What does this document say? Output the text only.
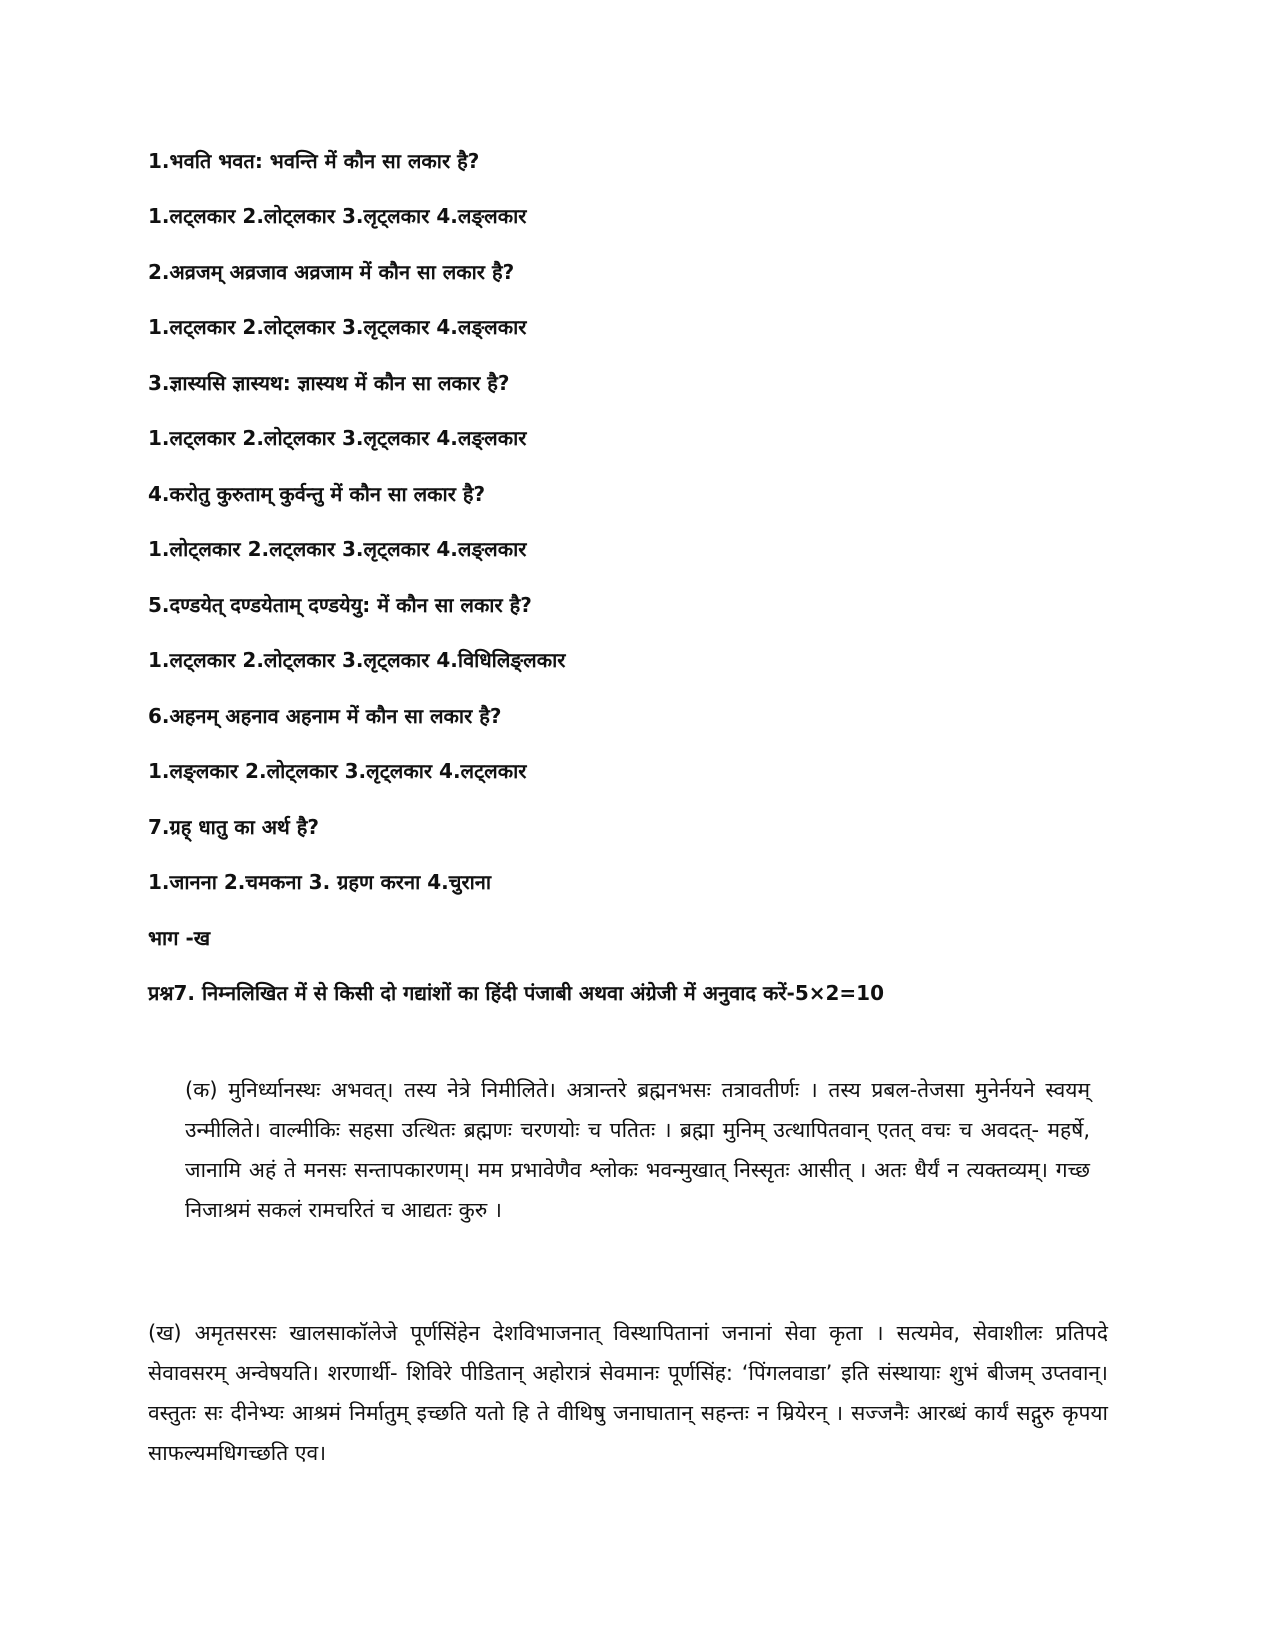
1.भवति भवत: भवन्ति में कौन सा लकार है?
1.लट्लकार 2.लोट्लकार 3.लृट्लकार 4.लङ्लकार
2.अव्रजम् अव्रजाव अव्रजाम में कौन सा लकार है?
1.लट्लकार 2.लोट्लकार 3.लृट्लकार 4.लङ्लकार
3.ज्ञास्यसि ज्ञास्यथ: ज्ञास्यथ में कौन सा लकार है?
1.लट्लकार 2.लोट्लकार 3.लृट्लकार 4.लङ्लकार
4.करोतु कुरुताम् कुर्वन्तु में कौन सा लकार है?
1.लोट्लकार 2.लट्लकार 3.लृट्लकार 4.लङ्लकार
5.दण्डयेत् दण्डयेताम् दण्डयेयु: में कौन सा लकार है?
1.लट्लकार 2.लोट्लकार 3.लृट्लकार 4.विधिलिङ्लकार
6.अहनम् अहनाव अहनाम में कौन सा लकार है?
1.लङ्लकार 2.लोट्लकार 3.लृट्लकार 4.लट्लकार
7.ग्रह् धातु का अर्थ है?
1.जानना 2.चमकना 3. ग्रहण करना 4.चुराना
भाग -ख
प्रश्न7. निम्नलिखित में से किसी दो गद्यांशों का हिंदी पंजाबी अथवा अंग्रेजी में अनुवाद करें-5×2=10
(क) मुनिर्ध्यानस्थः अभवत्। तस्य नेत्रे निमीलिते। अत्रान्तरे ब्रह्मनभसः तत्रावतीर्णः । तस्य प्रबल-तेजसा मुनेर्नयने स्वयम् उन्मीलिते। वाल्मीकिः सहसा उत्थितः ब्रह्मणः चरणयोः च पतितः । ब्रह्मा मुनिम् उत्थापितवान् एतत् वचः च अवदत्- महर्षे, जानामि अहं ते मनसः सन्तापकारणम्। मम प्रभावेणैव श्लोकः भवन्मुखात् निस्सृतः आसीत् । अतः धैर्यं न त्यक्तव्यम्। गच्छ निजाश्रमं सकलं रामचरितं च आद्यतः कुरु ।
(ख) अमृतसरसः खालसाकॉलेजे पूर्णसिंहेन देशविभाजनात् विस्थापितानां जनानां सेवा कृता । सत्यमेव, सेवाशीलः प्रतिपदे सेवावसरम् अन्वेषयति। शरणार्थी- शिविरे पीडितान् अहोरात्रं सेवमानः पूर्णसिंह: ‘पिंगलवाडा’ इति संस्थायाः शुभं बीजम् उप्तवान्। वस्तुतः सः दीनेभ्यः आश्रमं निर्मातुम् इच्छति यतो हि ते वीथिषु जनाघातान् सहन्तः न म्रियेरन् । सज्जनैः आरब्धं कार्यं सद्गुरु कृपया साफल्यमधिगच्छति एव।
